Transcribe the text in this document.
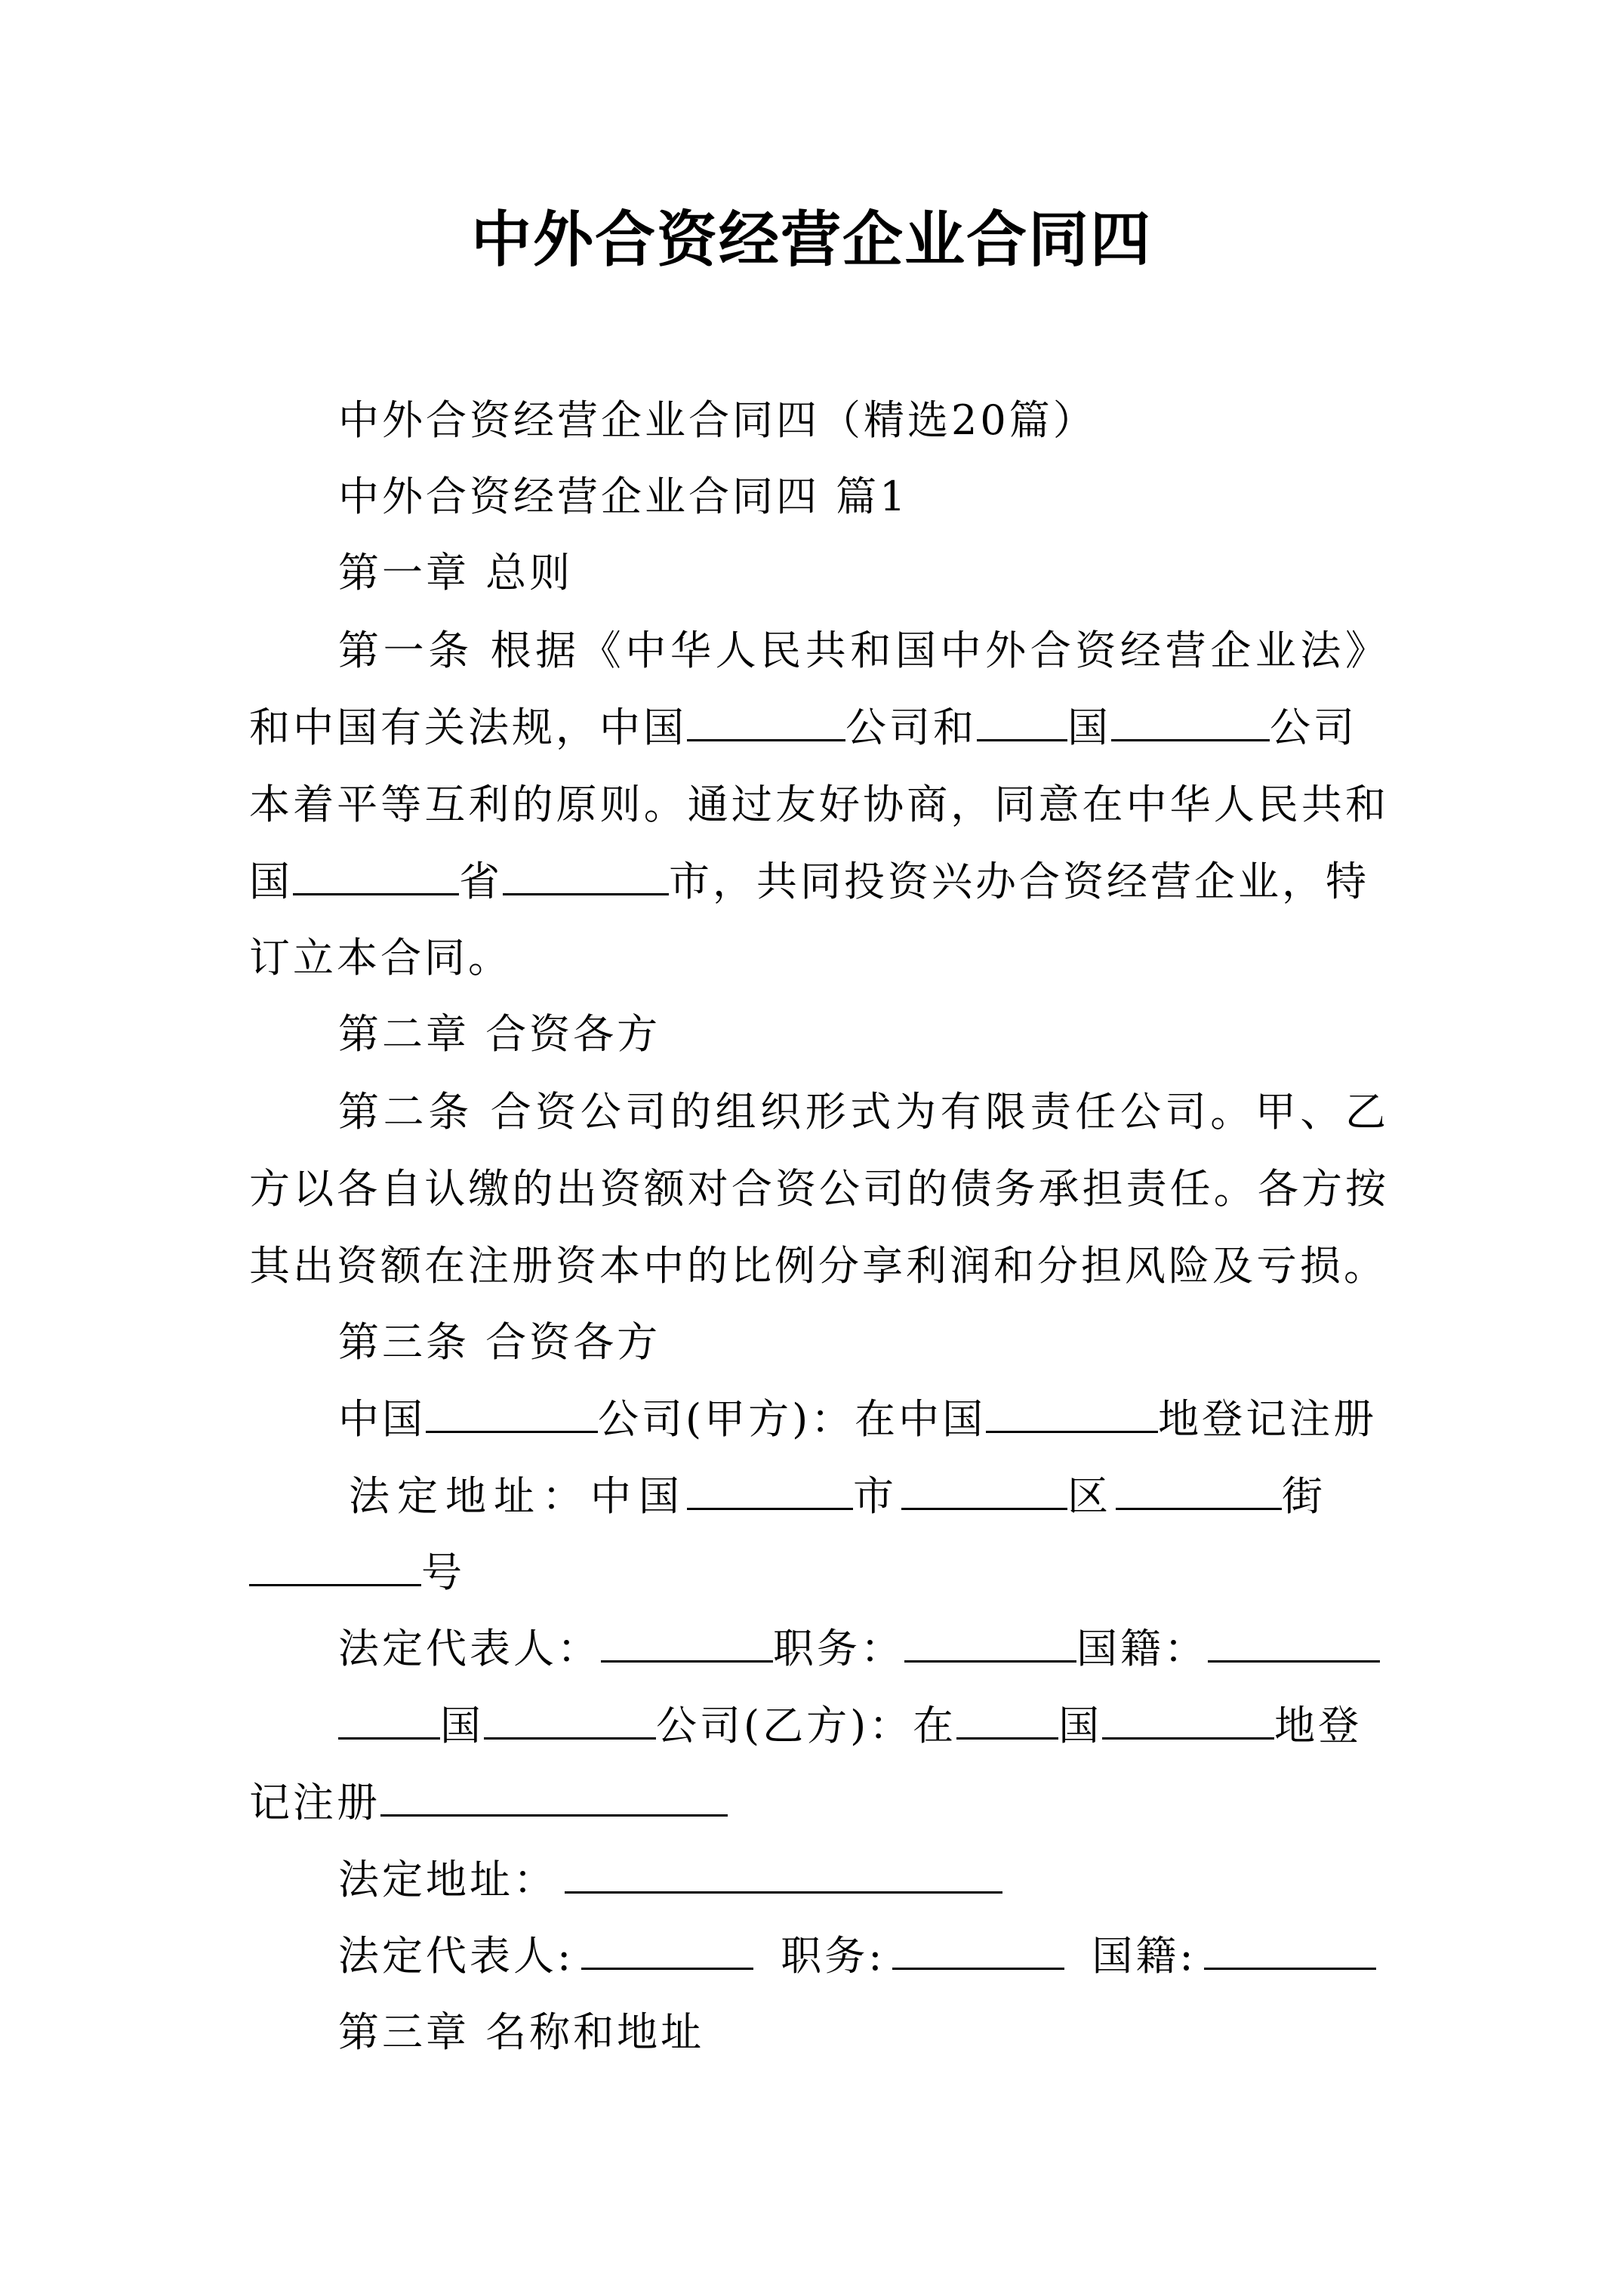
中外合资经营企业合同四
中外合资经营企业合同四（精选20篇）
中外合资经营企业合同四 篇1
第一章 总则
第一条 根据《中华人民共和国中外合资经营企业法》
和中国有关法规，中国	公司和 国	公司
本着平等互利的原则。通过友好协商，同意在中华人民共和
国	省	市，共同投资兴办合资经营企业，特
订立本合同。
第二章 合资各方
第二条 合资公司的组织形式为有限责任公司。甲、乙
方以各自认缴的出资额对合资公司的债务承担责任。各方按
其出资额在注册资本中的比例分享利润和分担风险及亏损。
第三条 合资各方
中国	公司(甲方)：在中国	地登记注册
法定地址：中国	市	区	街
号
法定代表人：	职务：	国籍：
国	公司(乙方)：在	国	地登
记注册
法定地址：
法定代表人:	职务:	国籍:
第三章 名称和地址
